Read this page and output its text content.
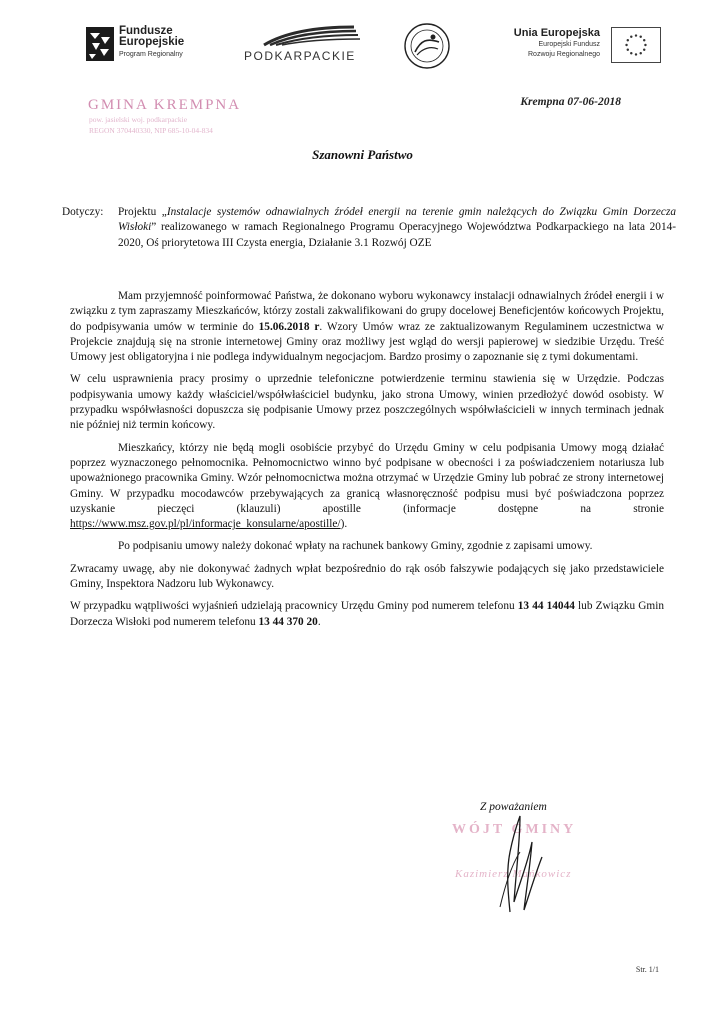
Fundusze
Europejskie
Program Regionalny	PODKARPACKIE
Unia Europejska
Europejski Fundusz
Rozwoju Regionalnego
GMINA KREMPNA
pow. jasielski woj. podkarpackie
REGON 370440330, NIP 685-10-04-834
Krempna 07-06-2018
Szanowni Państwo
Dotyczy: Projektu „Instalacje systemów odnawialnych źródeł energii na terenie gmin należących do Związku Gmin Dorzecza Wisłoki” realizowanego w ramach Regionalnego Programu Operacyjnego Województwa Podkarpackiego na lata 2014-2020, Oś priorytetowa III Czysta energia, Działanie 3.1 Rozwój OZE

Mam przyjemność poinformować Państwa, że dokonano wyboru wykonawcy instalacji odnawialnych źródeł energii i w związku z tym zapraszamy Mieszkańców, którzy zostali zakwalifikowani do grupy docelowej Beneficjentów końcowych Projektu, do podpisywania umów w terminie do 15.06.2018 r. Wzory Umów wraz ze zaktualizowanym Regulaminem uczestnictwa w Projekcie znajdują się na stronie internetowej Gminy oraz możliwy jest wgląd do wersji papierowej w siedzibie Urzędu. Treść Umowy jest obligatoryjna i nie podlega indywidualnym negocjacjom. Bardzo prosimy o zapoznanie się z tymi dokumentami.

W celu usprawnienia pracy prosimy o uprzednie telefoniczne potwierdzenie terminu stawienia się w Urzędzie. Podczas podpisywania umowy każdy właściciel/współwłaściciel budynku, jako strona Umowy, winien przedłożyć dowód osobisty. W przypadku współwłasności dopuszcza się podpisanie Umowy przez poszczególnych współwłaścicieli w innych terminach jednak nie później niż termin końcowy.

Mieszkańcy, którzy nie będą mogli osobiście przybyć do Urzędu Gminy w celu podpisania Umowy mogą działać poprzez wyznaczonego pełnomocnika. Pełnomocnictwo winno być podpisane w obecności i za poświadczeniem notariusza lub upoważnionego pracownika Gminy. Wzór pełnomocnictwa można otrzymać w Urzędzie Gminy lub pobrać ze strony internetowej Gminy. W przypadku mocodawców przebywających za granicą własnoręczność podpisu musi być poświadczona poprzez uzyskanie pieczęci (klauzuli) apostille (informacje dostępne na stronie https://www.msz.gov.pl/pl/informacje_konsularne/apostille/).

Po podpisaniu umowy należy dokonać wpłaty na rachunek bankowy Gminy, zgodnie z zapisami umowy.

Zwracamy uwagę, aby nie dokonywać żadnych wpłat bezpośrednio do rąk osób fałszywie podających się jako przedstawiciele Gminy, Inspektora Nadzoru lub Wykonawcy.

W przypadku wątpliwości wyjaśnień udzielają pracownicy Urzędu Gminy pod numerem telefonu 13 44 14044 lub Związku Gmin Dorzecza Wisłoki pod numerem telefonu 13 44 370 20.

Z poważaniem
WÓJT GMINY
Kazimierz Mańkowicz
Str. 1/1
